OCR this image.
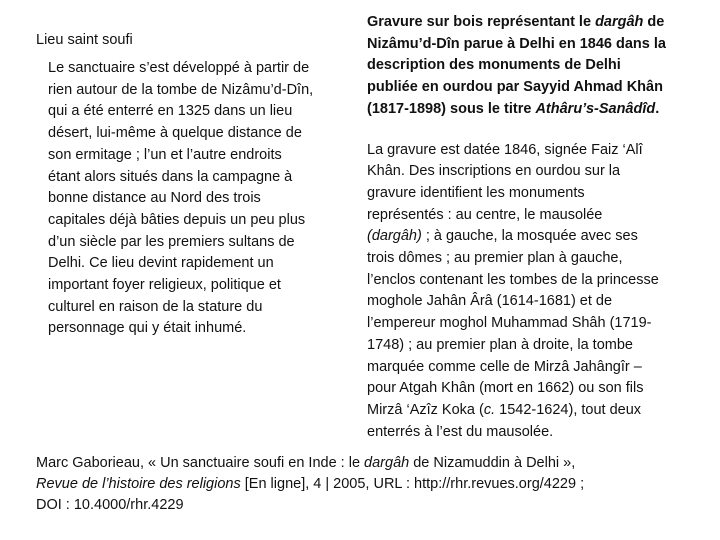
Lieu saint soufi
Le sanctuaire s’est développé à partir de
rien autour de la tombe de Nizâmu’d-Dîn,
qui a été enterré en 1325 dans un lieu
désert, lui-même à quelque distance de
son ermitage ; l’un et l’autre endroits
étant alors situés dans la campagne à
bonne distance au Nord des trois
capitales déjà bâties depuis un peu plus
d’un siècle par les premiers sultans de
Delhi. Ce lieu devint rapidement un
important foyer religieux, politique et
culturel en raison de la stature du
personnage qui y était inhumé.
Gravure sur bois représentant le dargâh de
Nizâmu’d-Dîn parue à Delhi en 1846 dans la
description des monuments de Delhi
publiée en ourdou par Sayyid Ahmad Khân
(1817-1898) sous le titre Athâru’s-Sanâdîd.
La gravure est datée 1846, signée Faiz ‘Alî
Khân. Des inscriptions en ourdou sur la
gravure identifient les monuments
représentés : au centre, le mausolée
(dargâh) ; à gauche, la mosquée avec ses
trois dômes ; au premier plan à gauche,
l’enclos contenant les tombes de la princesse
moghole Jahân Ârâ (1614-1681) et de
l’empereur moghol Muhammad Shâh (1719-
1748) ; au premier plan à droite, la tombe
marquée comme celle de Mirzâ Jahângîr –
pour Atgah Khân (mort en 1662) ou son fils
Mirzâ ‘Azîz Koka (c. 1542-1624), tout deux
enterrés à l’est du mausolée.
Marc Gaborieau, « Un sanctuaire soufi en Inde : le dargâh de Nizamuddin à Delhi »,
Revue de l’histoire des religions [En ligne], 4 | 2005, URL : http://rhr.revues.org/4229 ;
DOI : 10.4000/rhr.4229
